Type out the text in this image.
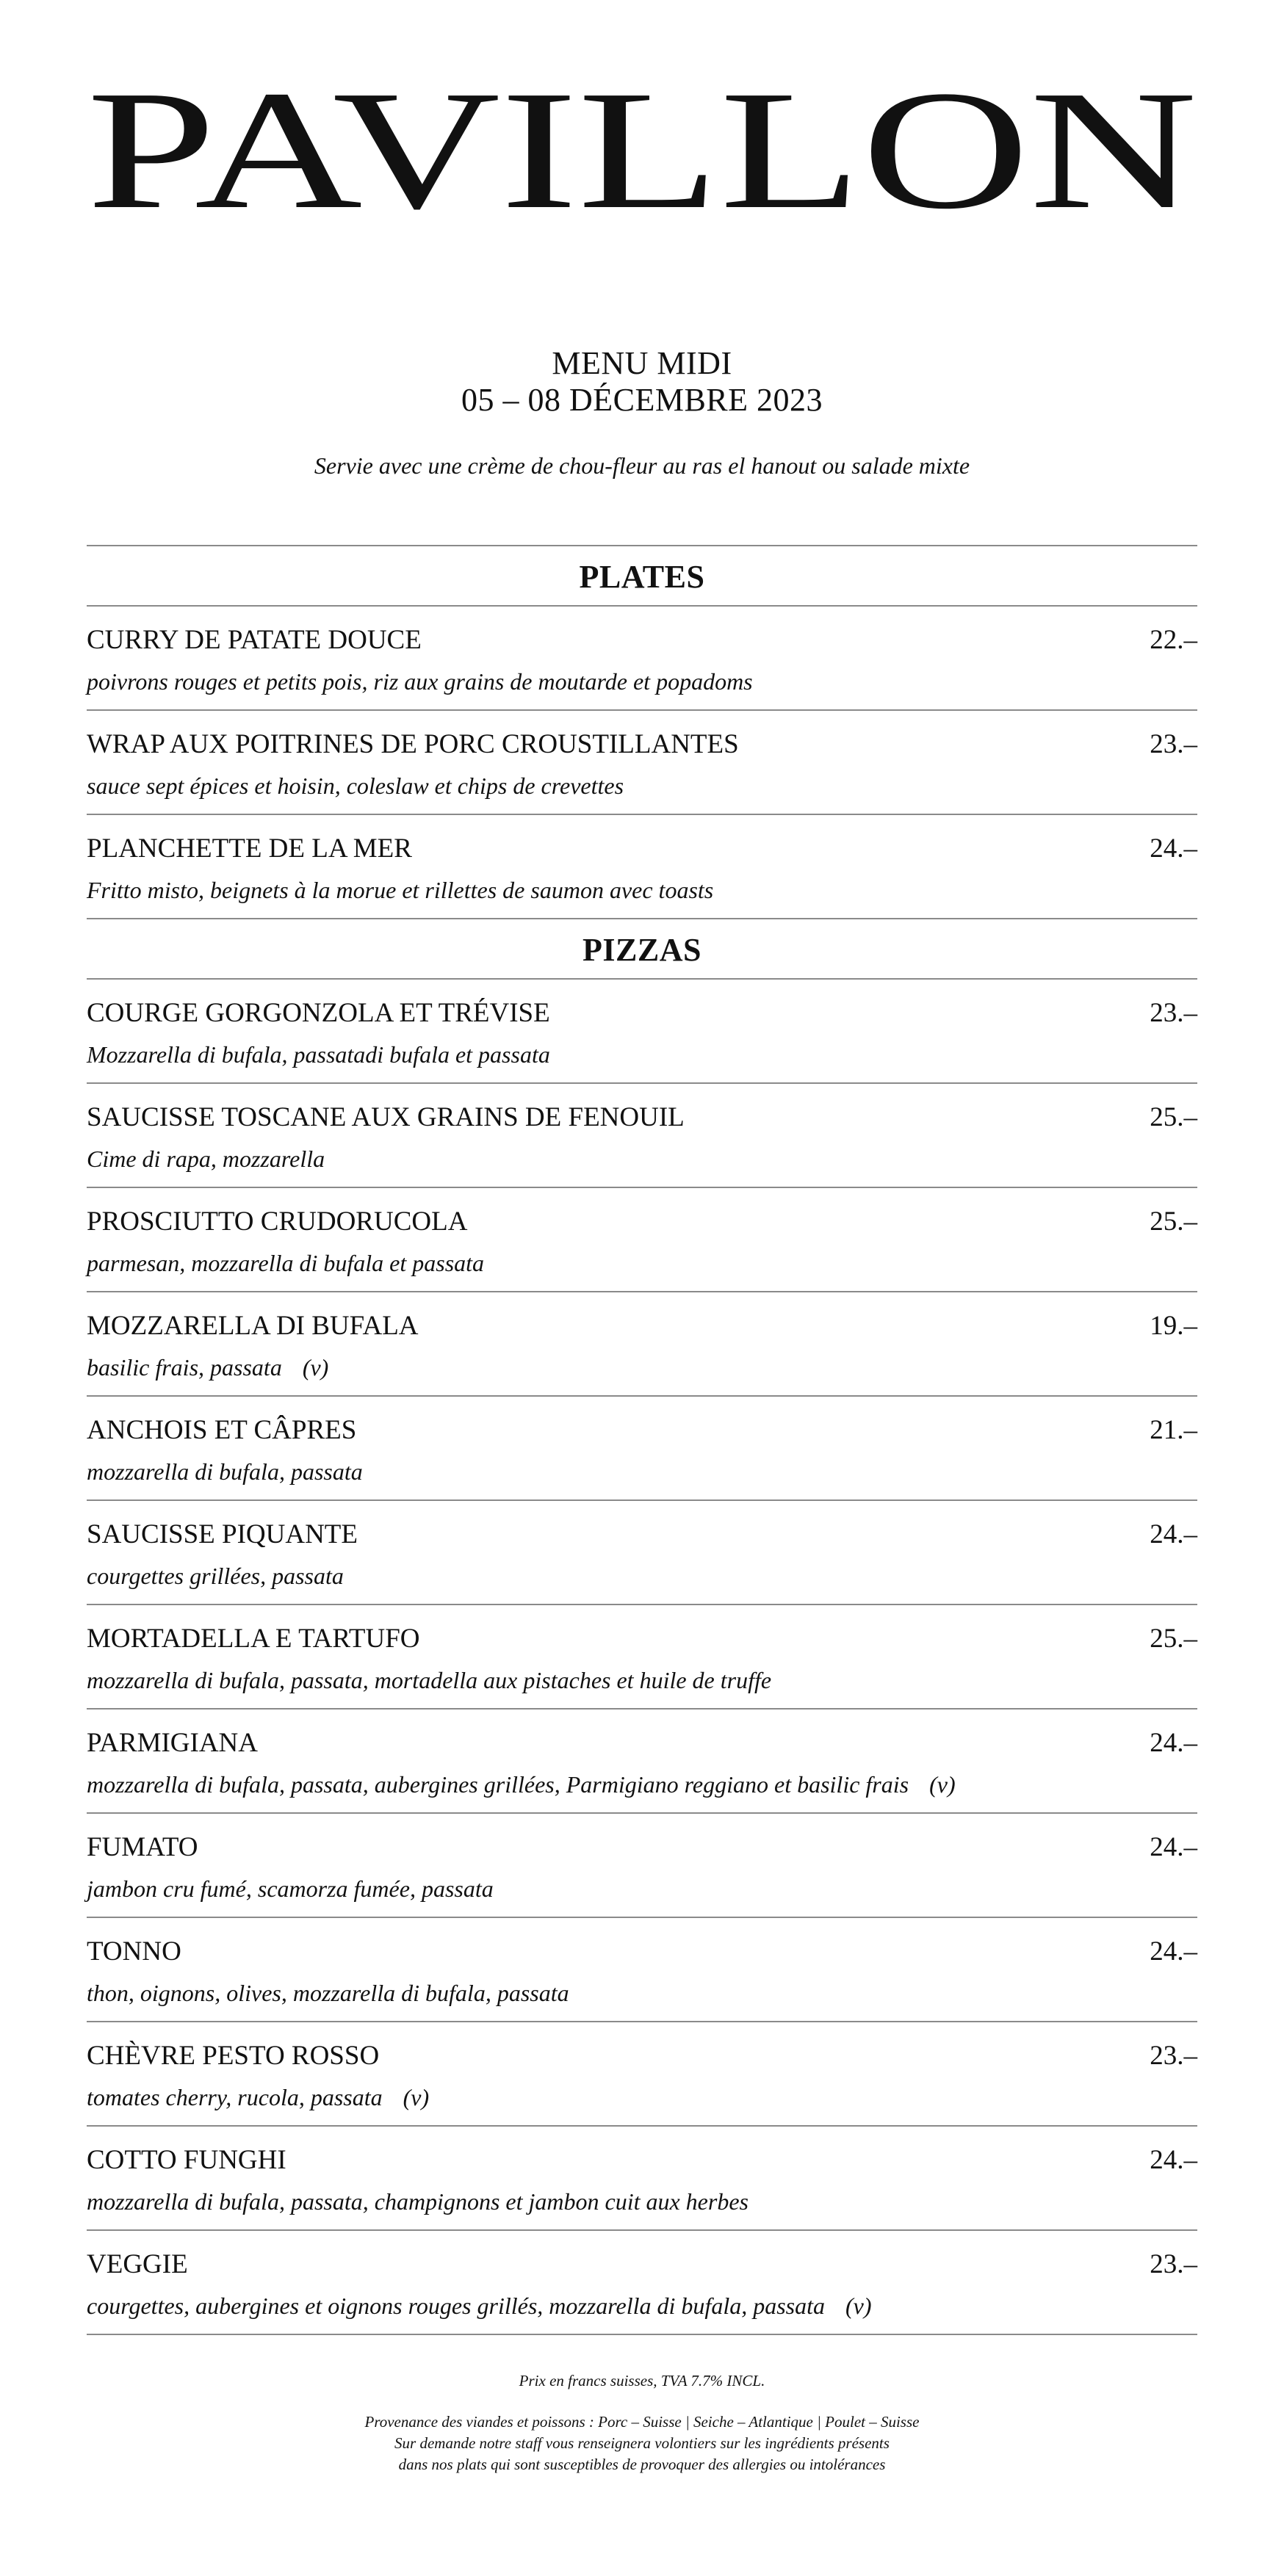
PAVILLON
MENU MIDI
05 – 08 DÉCEMBRE 2023
Servie avec une crème de chou-fleur au ras el hanout ou salade mixte
PLATES
CURRY DE PATATE DOUCE	22.–
poivrons rouges et petits pois, riz aux grains de moutarde et popadoms
WRAP AUX POITRINES DE PORC CROUSTILLANTES	23.–
sauce sept épices et hoisin, coleslaw et chips de crevettes
PLANCHETTE DE LA MER	24.–
Fritto misto, beignets à la morue et rillettes de saumon avec toasts
PIZZAS
COURGE GORGONZOLA ET TRÉVISE	23.–
Mozzarella di bufala, passatadi bufala et passata
SAUCISSE TOSCANE AUX GRAINS DE FENOUIL	25.–
Cime di rapa, mozzarella
PROSCIUTTO CRUDORUCOLA	25.–
parmesan, mozzarella di bufala et passata
MOZZARELLA DI BUFALA	19.–
basilic frais, passata (v)
ANCHOIS ET CÂPRES	21.–
mozzarella di bufala, passata
SAUCISSE PIQUANTE	24.–
courgettes grillées, passata
MORTADELLA E TARTUFO	25.–
mozzarella di bufala, passata, mortadella aux pistaches et huile de truffe
PARMIGIANA	24.–
mozzarella di bufala, passata, aubergines grillées, Parmigiano reggiano et basilic frais (v)
FUMATO	24.–
jambon cru fumé, scamorza fumée, passata
TONNO	24.–
thon, oignons, olives, mozzarella di bufala, passata
CHÈVRE PESTO ROSSO	23.–
tomates cherry, rucola, passata (v)
COTTO FUNGHI	24.–
mozzarella di bufala, passata, champignons et jambon cuit aux herbes
VEGGIE	23.–
courgettes, aubergines et oignons rouges grillés, mozzarella di bufala, passata (v)
Prix en francs suisses, TVA 7.7% INCL.
Provenance des viandes et poissons : Porc – Suisse | Seiche – Atlantique | Poulet – Suisse
Sur demande notre staff vous renseignera volontiers sur les ingrédients présents
dans nos plats qui sont susceptibles de provoquer des allergies ou intolérances
